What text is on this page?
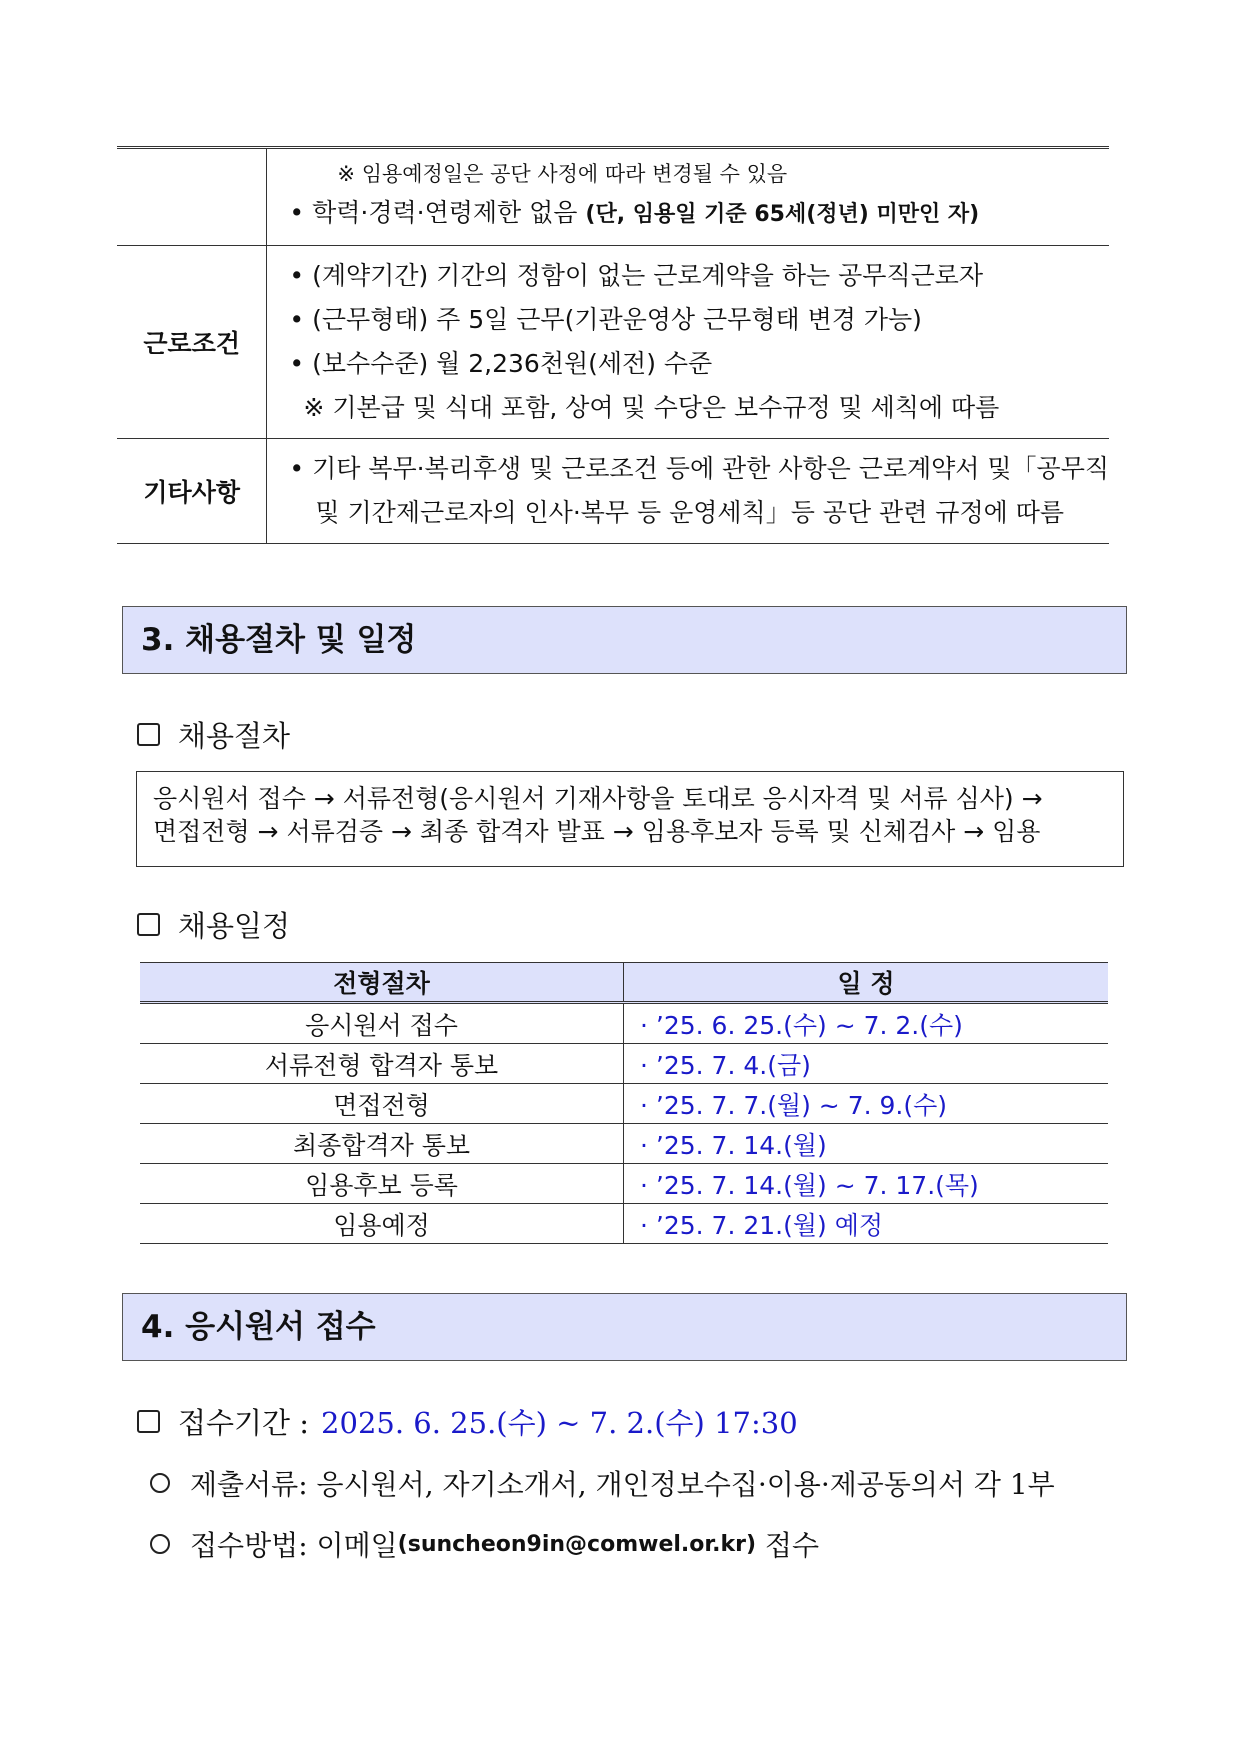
	※ 임용예정일은 공단 사정에 따라 변경될 수 있음
• 학력·경력·연령제한 없음 (단, 임용일 기준 65세(정년) 미만인 자)

근로조건	• (계약기간) 기간의 정함이 없는 근로계약을 하는 공무직근로자
• (근무형태) 주 5일 근무(기관운영상 근무형태 변경 가능)
• (보수수준) 월 2,236천원(세전) 수준
※ 기본급 및 식대 포함, 상여 및 수당은 보수규정 및 세칙에 따름

기타사항	• 기타 복무·복리후생 및 근로조건 등에 관한 사항은 근로계약서 및「공무직
및 기간제근로자의 인사·복무 등 운영세칙」등 공단 관련 규정에 따름
3. 채용절차 및 일정
채용절차
응시원서 접수 → 서류전형(응시원서 기재사항을 토대로 응시자격 및 서류 심사) →
면접전형 → 서류검증 → 최종 합격자 발표 → 임용후보자 등록 및 신체검사 → 임용
채용일정
전형절차	일 정
응시원서 접수	· ’25. 6. 25.(수) ~ 7. 2.(수)
서류전형 합격자 통보	· ’25. 7. 4.(금)
면접전형	· ’25. 7. 7.(월) ~ 7. 9.(수)
최종합격자 통보	· ’25. 7. 14.(월)
임용후보 등록	· ’25. 7. 14.(월) ~ 7. 17.(목)
임용예정	· ’25. 7. 21.(월) 예정
4. 응시원서 접수
접수기간 : 2025. 6. 25.(수) ~ 7. 2.(수) 17:30
제출서류: 응시원서, 자기소개서, 개인정보수집·이용·제공동의서 각 1부
접수방법: 이메일 (suncheon9in@comwel.or.kr) 접수
